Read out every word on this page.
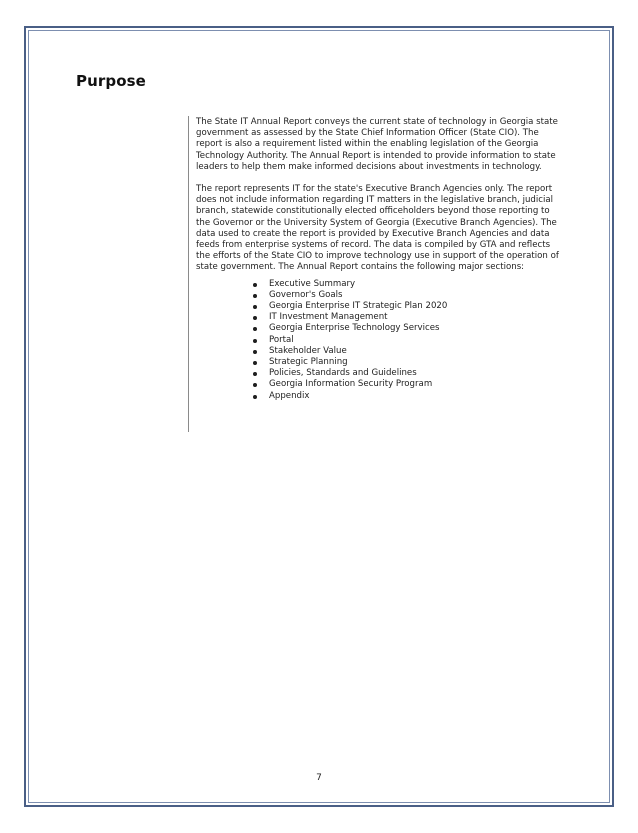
Purpose

The State IT Annual Report conveys the current state of technology in Georgia state government as assessed by the State Chief Information Officer (State CIO). The report is also a requirement listed within the enabling legislation of the Georgia Technology Authority. The Annual Report is intended to provide information to state leaders to help them make informed decisions about investments in technology.

The report represents IT for the state's Executive Branch Agencies only. The report does not include information regarding IT matters in the legislative branch, judicial branch, statewide constitutionally elected officeholders beyond those reporting to the Governor or the University System of Georgia (Executive Branch Agencies). The data used to create the report is provided by Executive Branch Agencies and data feeds from enterprise systems of record. The data is compiled by GTA and reflects the efforts of the State CIO to improve technology use in support of the operation of state government. The Annual Report contains the following major sections:

Executive Summary
Governor's Goals
Georgia Enterprise IT Strategic Plan 2020
IT Investment Management
Georgia Enterprise Technology Services
Portal
Stakeholder Value
Strategic Planning
Policies, Standards and Guidelines
Georgia Information Security Program
Appendix
7
